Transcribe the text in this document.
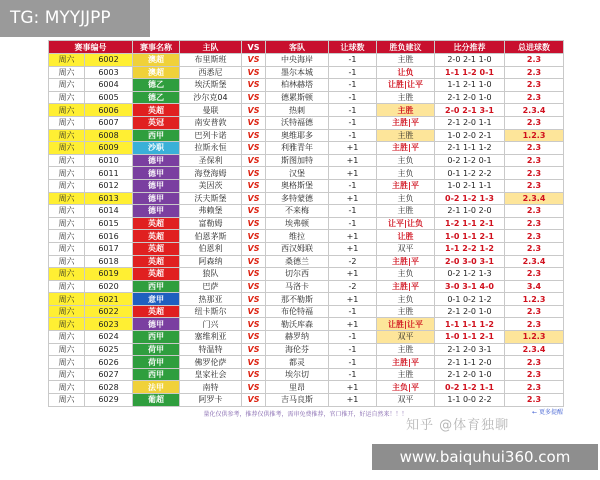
TG: MYYJJPP
赛事编号		赛事名称	主队	VS	客队	让球数	胜负建议	比分推荐	总进球数
周六	6002	澳超	布里斯班	VS	中央海岸	-1	主胜	2-0 2-1 1-0	2.3
周六	6003	澳超	西悉尼	VS	墨尔本城	-1	让负	1-1 1-2 0-1	2.3
周六	6004	德乙	埃沃斯堡	VS	柏林赫塔	-1	让胜|让平	1-1 2-1 1-0	2.3
周六	6005	德乙	沙尔克04	VS	德累斯顿	-1	主胜	2-1 2-0 1-0	2.3
周六	6006	英超	曼联	VS	热刺	-1	主胜	2-0 2-1 3-1	2.3.4
周六	6007	英冠	南安普敦	VS	沃特福德	-1	主胜|平	2-1 2-0 1-1	2.3
周六	6008	西甲	巴列卡诺	VS	奥维耶多	-1	主胜	1-0 2-0 2-1	1.2.3
周六	6009	沙职	拉斯永恒	VS	利雅青年	+1	主胜|平	2-1 1-1 1-2	2.3
周六	6010	德甲	圣保利	VS	斯图加特	+1	主负	0-2 1-2 0-1	2.3
周六	6011	德甲	海登海姆	VS	汉堡	+1	主负	0-1 1-2 2-2	2.3
周六	6012	德甲	美因茨	VS	奥格斯堡	-1	主胜|平	1-0 2-1 1-1	2.3
周六	6013	德甲	沃夫斯堡	VS	多特蒙德	+1	主负	0-2 1-2 1-3	2.3.4
周六	6014	德甲	弗赖堡	VS	不来梅	-1	主胜	2-1 1-0 2-0	2.3
周六	6015	英超	富勒姆	VS	埃弗顿	-1	让平|让负	1-2 1-1 2-1	2.3
周六	6016	英超	伯恩茅斯	VS	维拉	+1	让胜	1-0 1-1 2-1	2.3
周六	6017	英超	伯恩利	VS	西汉姆联	+1	双平	1-1 2-2 1-2	2.3
周六	6018	英超	阿森纳	VS	桑德兰	-2	主胜|平	2-0 3-0 3-1	2.3.4
周六	6019	英超	狼队	VS	切尔西	+1	主负	0-2 1-2 1-3	2.3
周六	6020	西甲	巴萨	VS	马洛卡	-2	主胜|平	3-0 3-1 4-0	3.4
周六	6021	意甲	热那亚	VS	那不勒斯	+1	主负	0-1 0-2 1-2	1.2.3
周六	6022	英超	纽卡斯尔	VS	布伦特福	-1	主胜	2-1 2-0 1-0	2.3
周六	6023	德甲	门兴	VS	勒沃库森	+1	让胜|让平	1-1 1-1 1-2	2.3
周六	6024	西甲	塞维利亚	VS	赫罗纳	-1	双平	1-0 1-1 2-1	1.2.3
周六	6025	荷甲	特温特	VS	海伦芬	-1	主胜	2-1 2-0 3-1	2.3.4
周六	6026	荷甲	佛罗伦萨	VS	都灵	-1	主胜|平	2-1 1-1 2-0	2.3
周六	6027	西甲	皇家社会	VS	埃尔切	-1	主胜	2-1 2-0 1-0	2.3
周六	6028	法甲	南特	VS	里昂	+1	主负|平	0-2 1-2 1-1	2.3
周六	6029	葡超	阿罗卡	VS	吉马良斯	+1	双平	1-1 0-0 2-2	2.3
量化仅供参考，推荐仅供推考，需审免费推荐，官口推开，好运自然来！！！	← 更多提醒
知乎 @体育独聊
www.baiquhui360.com
